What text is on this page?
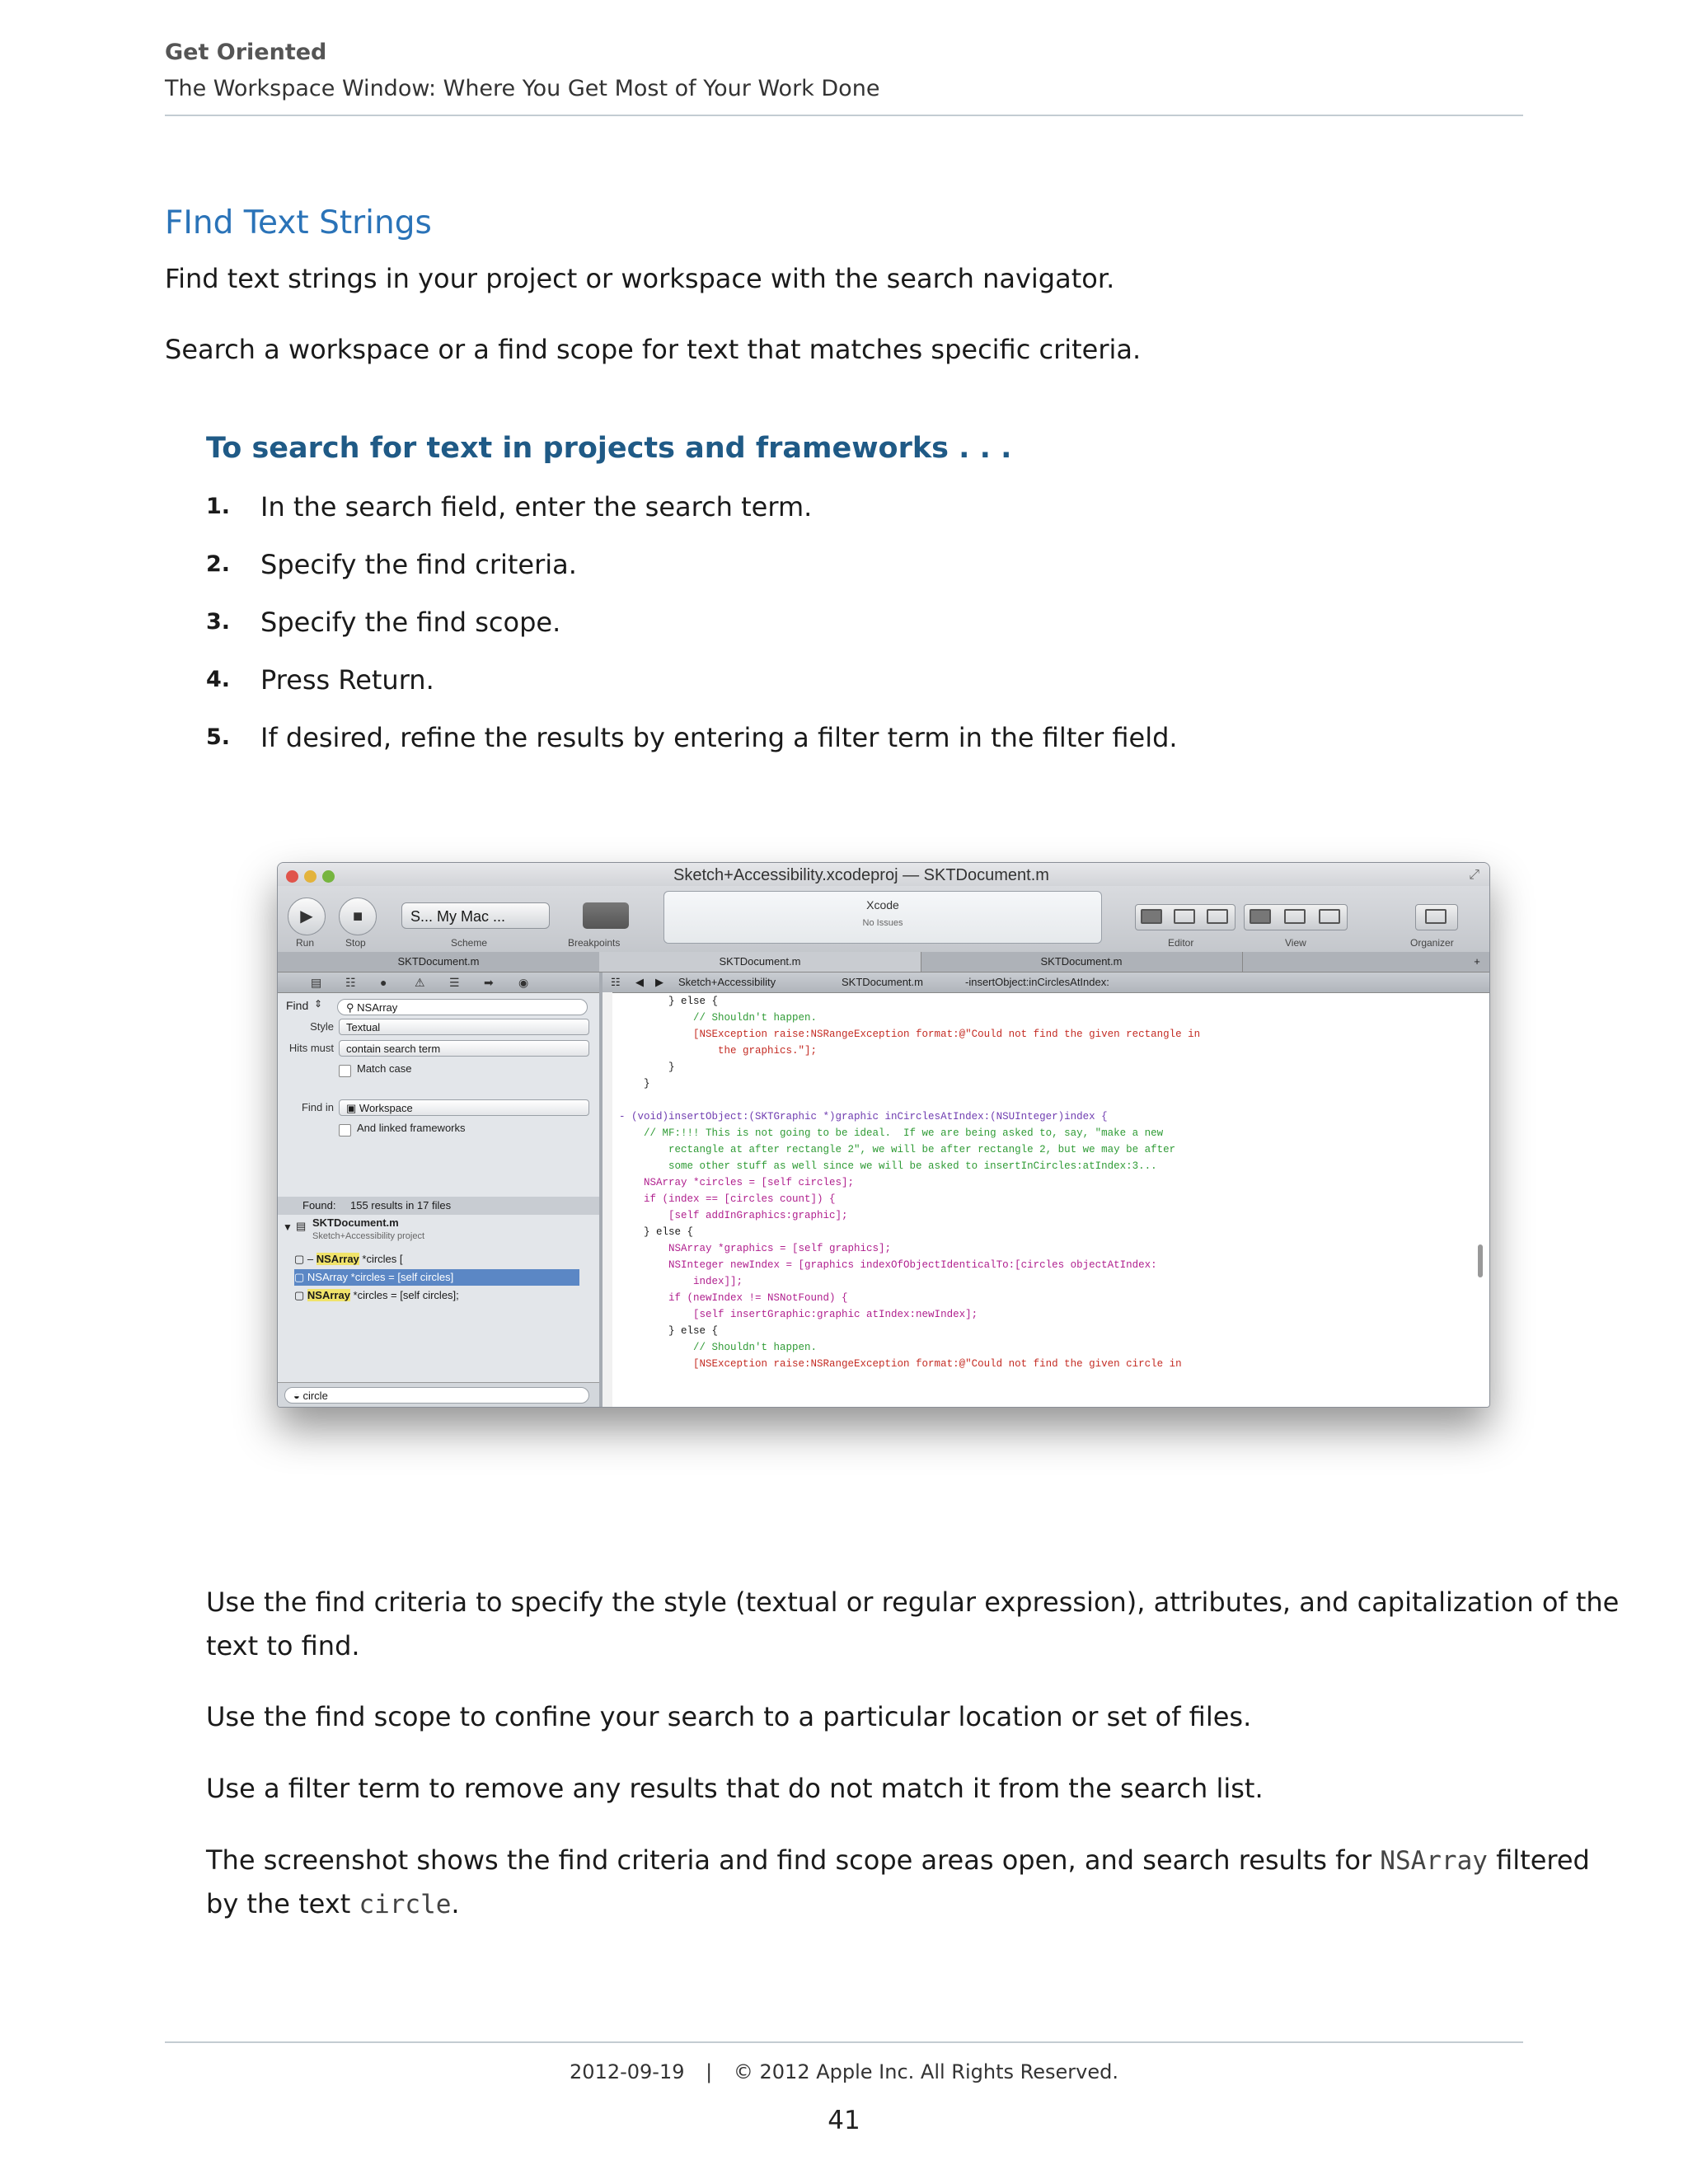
Get Oriented
The Workspace Window: Where You Get Most of Your Work Done
FInd Text Strings
Find text strings in your project or workspace with the search navigator.
Search a workspace or a find scope for text that matches specific criteria.
To search for text in projects and frameworks . . .
1.	In the search field, enter the search term.
2.	Specify the find criteria.
3.	Specify the find scope.
4.	Press Return.
5.	If desired, refine the results by entering a filter term in the filter field.
Sketch+Accessibility.xcodeproj — SKTDocument.m	⤢
▶
Run
■
Stop
S... My Mac ...
Scheme	Breakpoints
Xcode
No Issues
Editor	View	Organizer
SKTDocument.m	SKTDocument.m	SKTDocument.m	+
▤ ☷ ● ⚠ ☰ ➡ ◉
Find ⇕	⚲ NSArray
Style	Textual
Hits must	contain search term
Match case
Find in	▣ Workspace
And linked frameworks
Found: 155 results in 17 files
▼ ▤ SKTDocument.m
Sketch+Accessibility project
▢ – NSArray *circles [
▢ NSArray *circles = [self circles]
▢ NSArray *circles = [self circles];
◒ circle
☷ ◀ ▶ Sketch+Accessibility	SKTDocument.m	-insertObject:inCirclesAtIndex:
} else {
// Shouldn't happen.
[NSException raise:NSRangeException format:@"Could not find the given rectangle in
the graphics."];
}
}
- (void)insertObject:(SKTGraphic *)graphic inCirclesAtIndex:(NSUInteger)index {
// MF:!!! This is not going to be ideal.  If we are being asked to, say, "make a new
rectangle at after rectangle 2", we will be after rectangle 2, but we may be after
some other stuff as well since we will be asked to insertInCircles:atIndex:3...
NSArray *circles = [self circles];
if (index == [circles count]) {
[self addInGraphics:graphic];
} else {
NSArray *graphics = [self graphics];
NSInteger newIndex = [graphics indexOfObjectIdenticalTo:[circles objectAtIndex:
index]];
if (newIndex != NSNotFound) {
[self insertGraphic:graphic atIndex:newIndex];
} else {
// Shouldn't happen.
[NSException raise:NSRangeException format:@"Could not find the given circle in
Use the find criteria to specify the style (textual or regular expression), attributes, and capitalization of the
text to find.
Use the find scope to confine your search to a particular location or set of files.
Use a filter term to remove any results that do not match it from the search list.
The screenshot shows the find criteria and find scope areas open, and search results for NSArray filtered
by the text circle.
2012-09-19 | © 2012 Apple Inc. All Rights Reserved.
41
